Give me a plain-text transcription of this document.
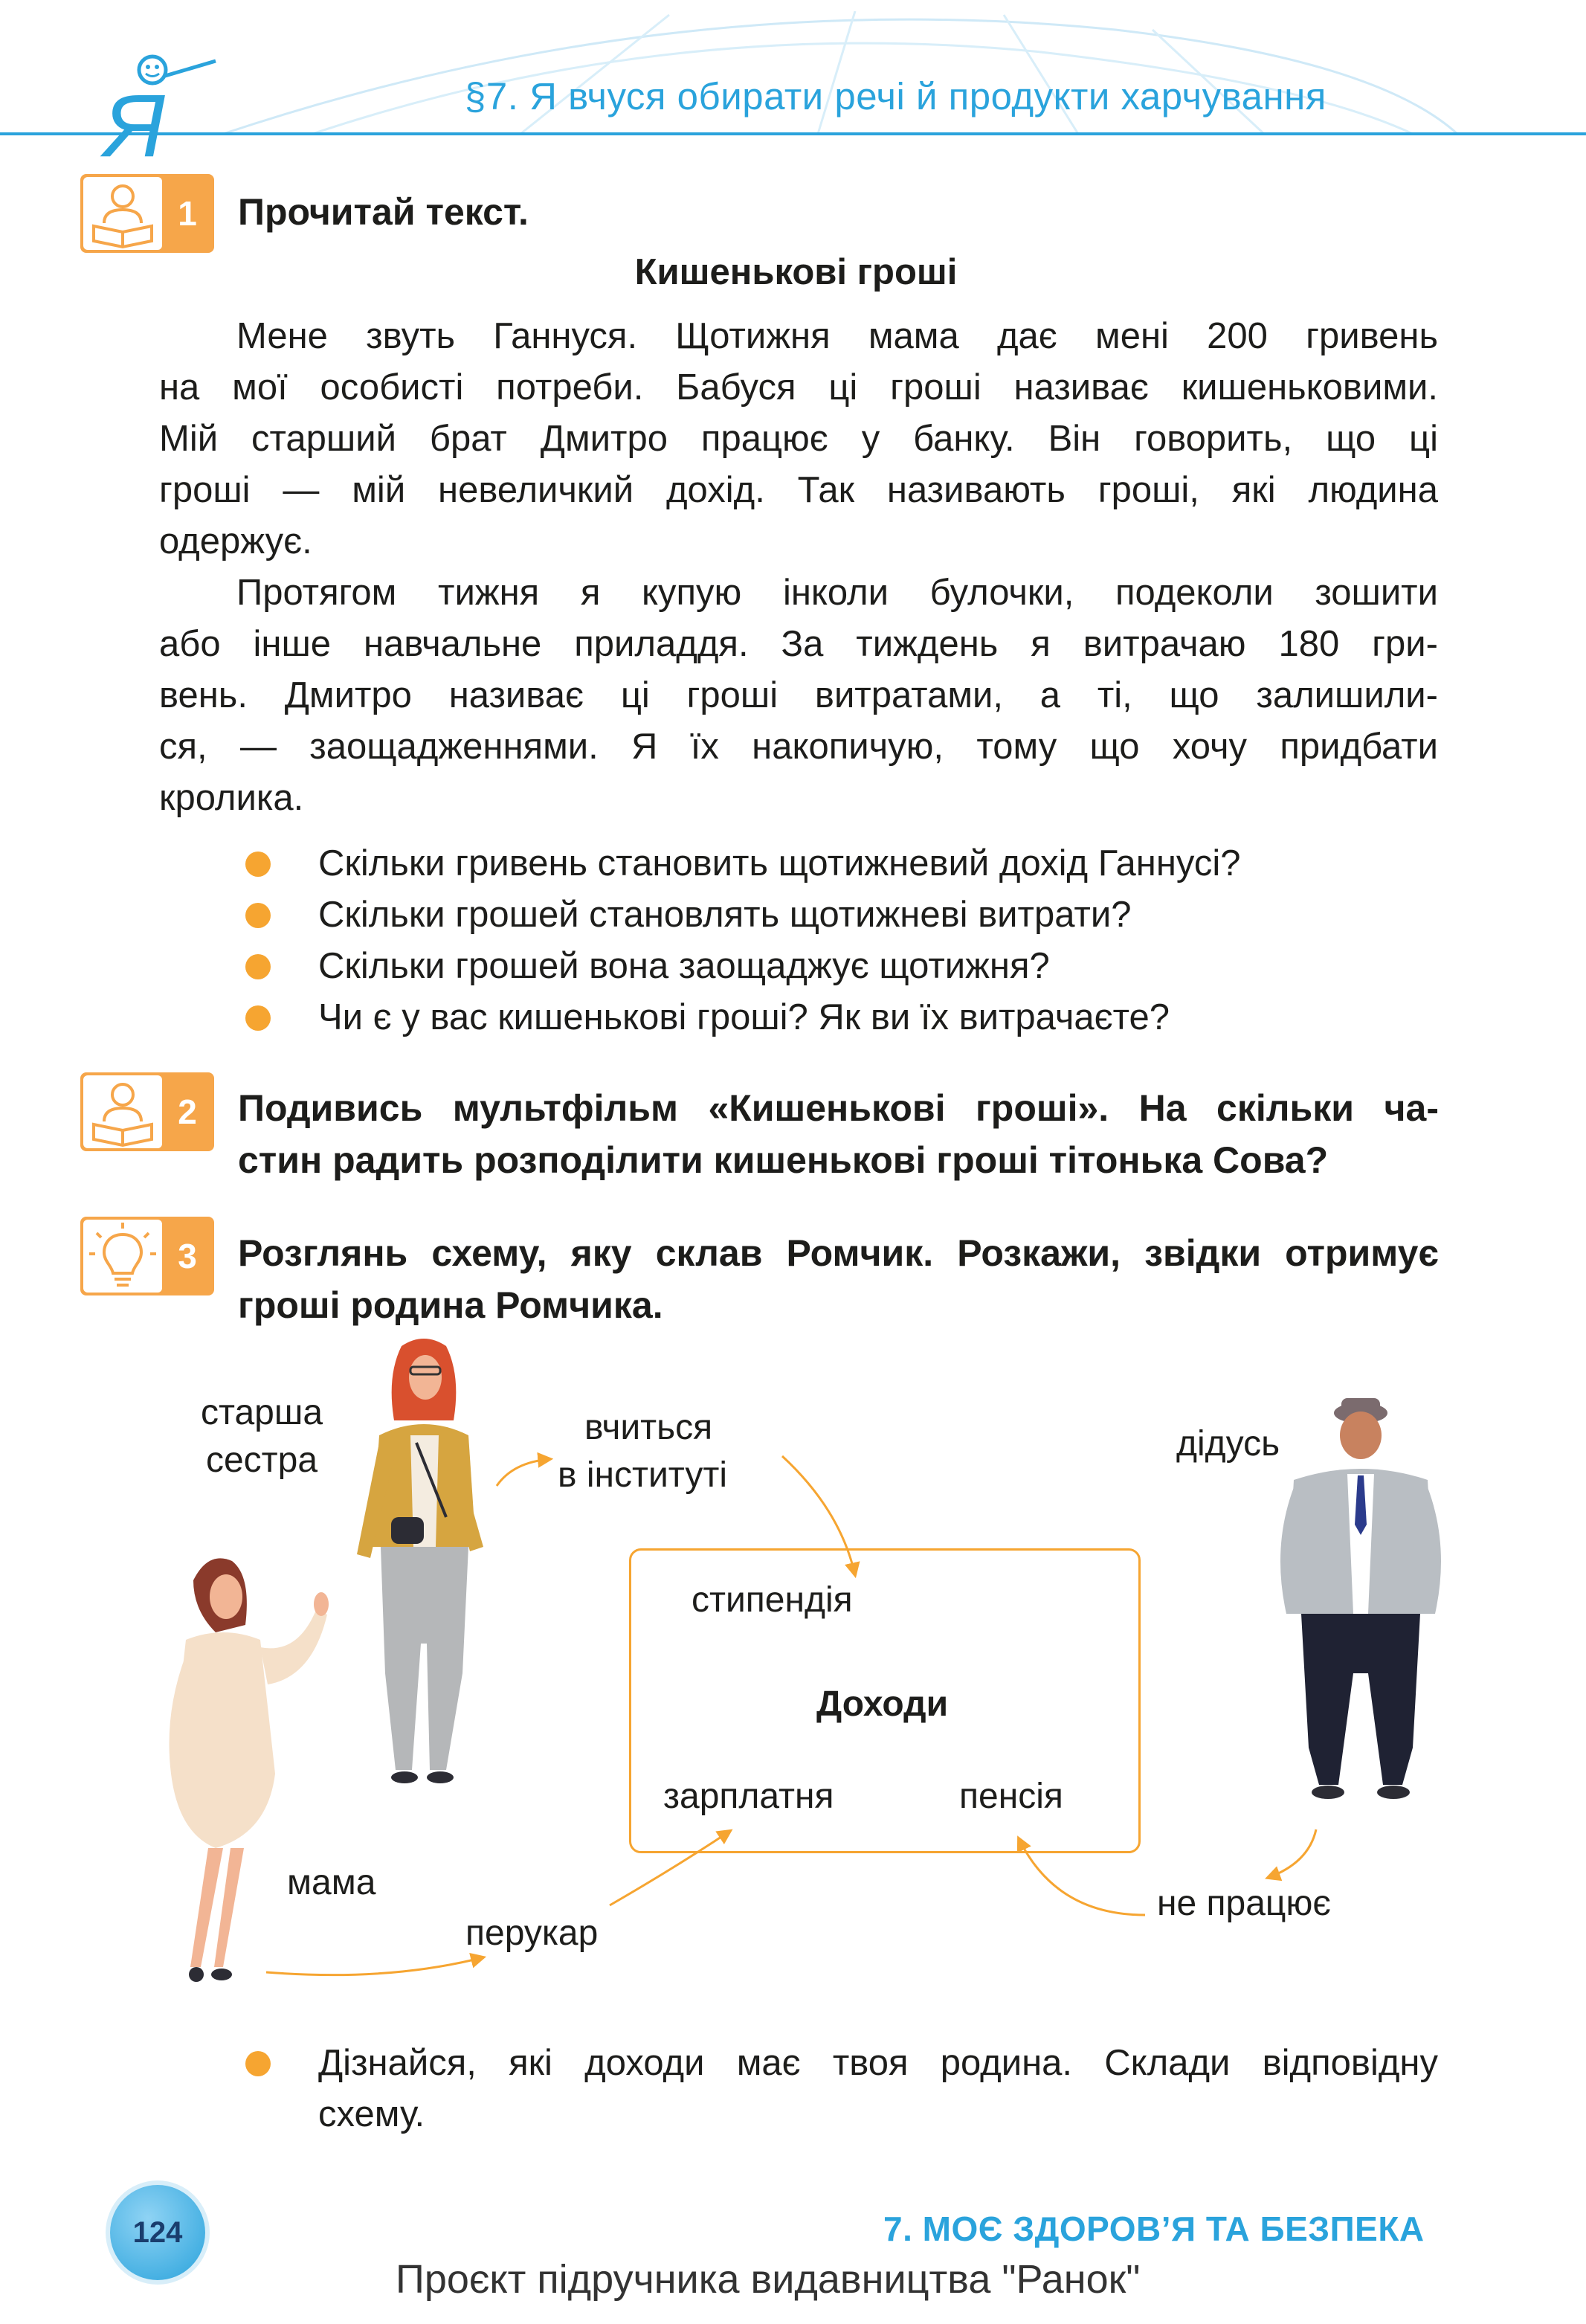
Я	§7. Я вчуся обирати речі й продукти харчування
1	Прочитай текст.
Кишенькові гроші

Мене звуть Ганнуся. Щотижня мама дає мені 200 гривень
на мої особисті потреби. Бабуся ці гроші називає кишеньковими.
Мій старший брат Дмитро працює у банку. Він говорить, що ці
гроші — мій невеличкий дохід. Так називають гроші, які людина
одержує.

Протягом тижня я купую інколи булочки, подеколи зошити
або інше навчальне приладдя. За тиждень я витрачаю 180 гри-
вень. Дмитро називає ці гроші витратами, а ті, що залишили-
ся, — заощадженнями. Я їх накопичую, тому що хочу придбати
кролика.

Скільки гривень становить щотижневий дохід Ганнусі?
Скільки грошей становлять щотижневі витрати?
Скільки грошей вона заощаджує щотижня?
Чи є у вас кишенькові гроші? Як ви їх витрачаєте?
2	Подивись мультфільм «Кишенькові гроші». На скільки ча-
стин радить розподілити кишенькові гроші тітонька Сова?
3	Розглянь схему, яку склав Ромчик. Розкажи, звідки отримує
гроші родина Ромчика.
стипендія
Доходи
зарплатня	пенсія
старша
сестра
вчиться
в інституті
дідусь
мама
перукар
не працює
Дізнайся, які доходи має твоя родина. Склади відповідну
схему.
124	7. МОЄ ЗДОРОВ’Я ТА БЕЗПЕКА
Проєкт підручника видавництва "Ранок"
